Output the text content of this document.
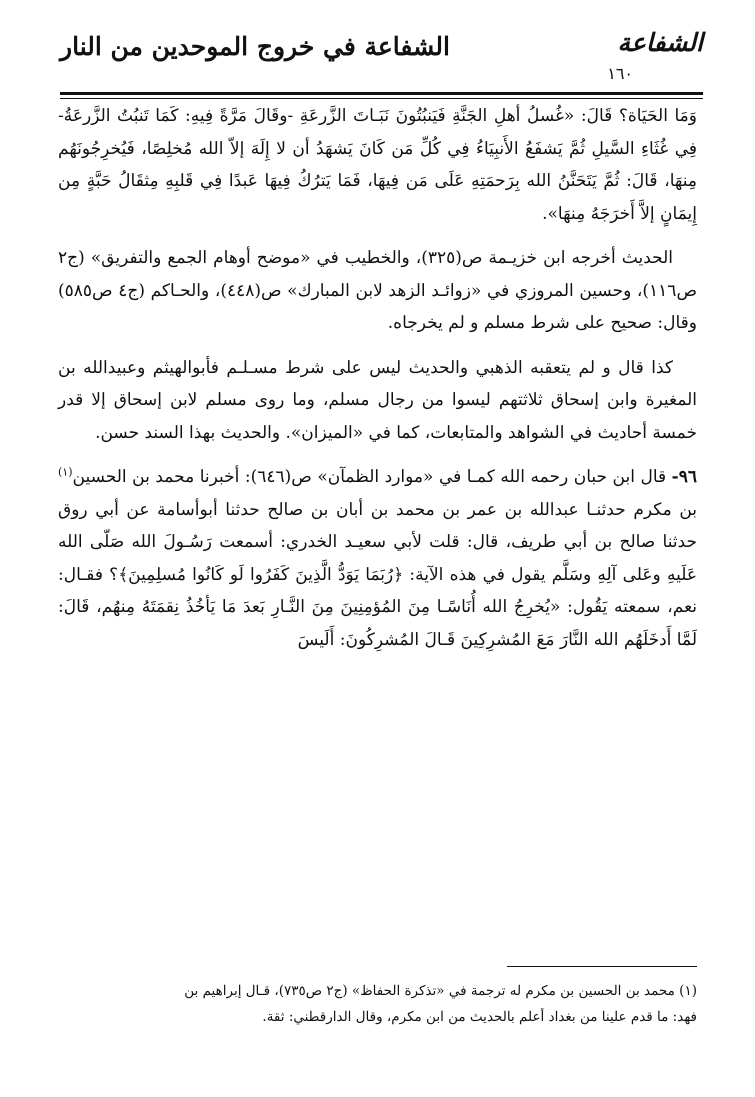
الشفاعة
الشفاعة في خروج الموحدين من النار
١٦٠

وَمَا الحَيَاة؟ قَالَ: «غُسلُ أهلِ الجَنَّةِ فَيَنبُتُونَ نَبَـاتَ الزَّرعَةِ -وقَالَ مَرَّةً فِيهِ: كَمَا تَنبُتُ الزَّرعَةُ- فِي غُثَاءِ السَّيلِ ثُمَّ يَشفَعُ الأَنبِيَاءُ فِي كُلِّ مَن كَانَ يَشهَدُ أن لا إِلَهَ إلاّ الله مُخلِصًا، فَيُخرِجُونَهُم مِنهَا، قَالَ: ثُمَّ يَتَحَنَّنُ الله بِرَحمَتِهِ عَلَى مَن فِيهَا، فَمَا يَترُكُ فِيهَا عَبدًا فِي قَلبِهِ مِثقَالُ حَبَّةٍ مِن إِيمَانٍ إلاَّ أَخرَجَهُ مِنهَا».

الحديث أخرجه ابن خزيـمة ص(٣٢٥)، والخطيب في «موضح أوهام الجمع والتفريق» (ج٢ ص١١٦)، وحسين المروزي في «زوائـد الزهد لابن المبارك» ص(٤٤٨)، والحـاكم (ج٤ ص٥٨٥) وقال: صحيح على شرط مسلم و لم يخرجاه.

كذا قال و لم يتعقبه الذهبي والحديث ليس على شرط مسـلـم فأبوالهيثم وعبيدالله بن المغيرة وابن إسحاق ثلاثتهم ليسوا من رجال مسلم، وما روى مسلم لابن إسحاق إلا قدر خمسة أحاديث في الشواهد والمتابعات، كما في «الميزان». والحديث بهذا السند حسن.

٩٦- قال ابن حبان رحمه الله كمـا في «موارد الظمآن» ص(٦٤٦): أخبرنا محمد بن الحسين$^{(١)}$ بن مكرم حدثنـا عبدالله بن عمر بن محمد بن أبان بن صالح حدثنا أبوأسامة عن أبي روق حدثنا صالح بن أبي طريف، قال: قلت لأبي سعيـد الخدري: أسمعت رَسُـولَ الله صَلّى الله عَلَيهِ وعَلى آلِهِ وسَلَّم يقول في هذه الآية: ﴿رُبَمَا يَوَدُّ الَّذِينَ كَفَرُوا لَو كَانُوا مُسلِمِينَ﴾؟ فقـال: نعم، سمعته يَقُول: «يُخرِجُ الله أُنَاسًـا مِنَ المُؤمِنِينَ مِنَ النَّـارِ بَعدَ مَا يَأخُذُ نِقمَتَهُ مِنهُم، قَالَ: لَمَّا أَدخَلَهُم الله النَّارَ مَعَ المُشرِكِينَ قَـالَ المُشرِكُونَ: أَلَيسَ

(١) محمد بن الحسين بن مكرم له ترجمة في «تذكرة الحفاظ» (ج٢ ص٧٣٥)، قـال إبراهيم بن

فهد: ما قدم علينا من بغداد أعلم بالحديث من ابن مكرم، وقال الدارقطني: ثقة.
